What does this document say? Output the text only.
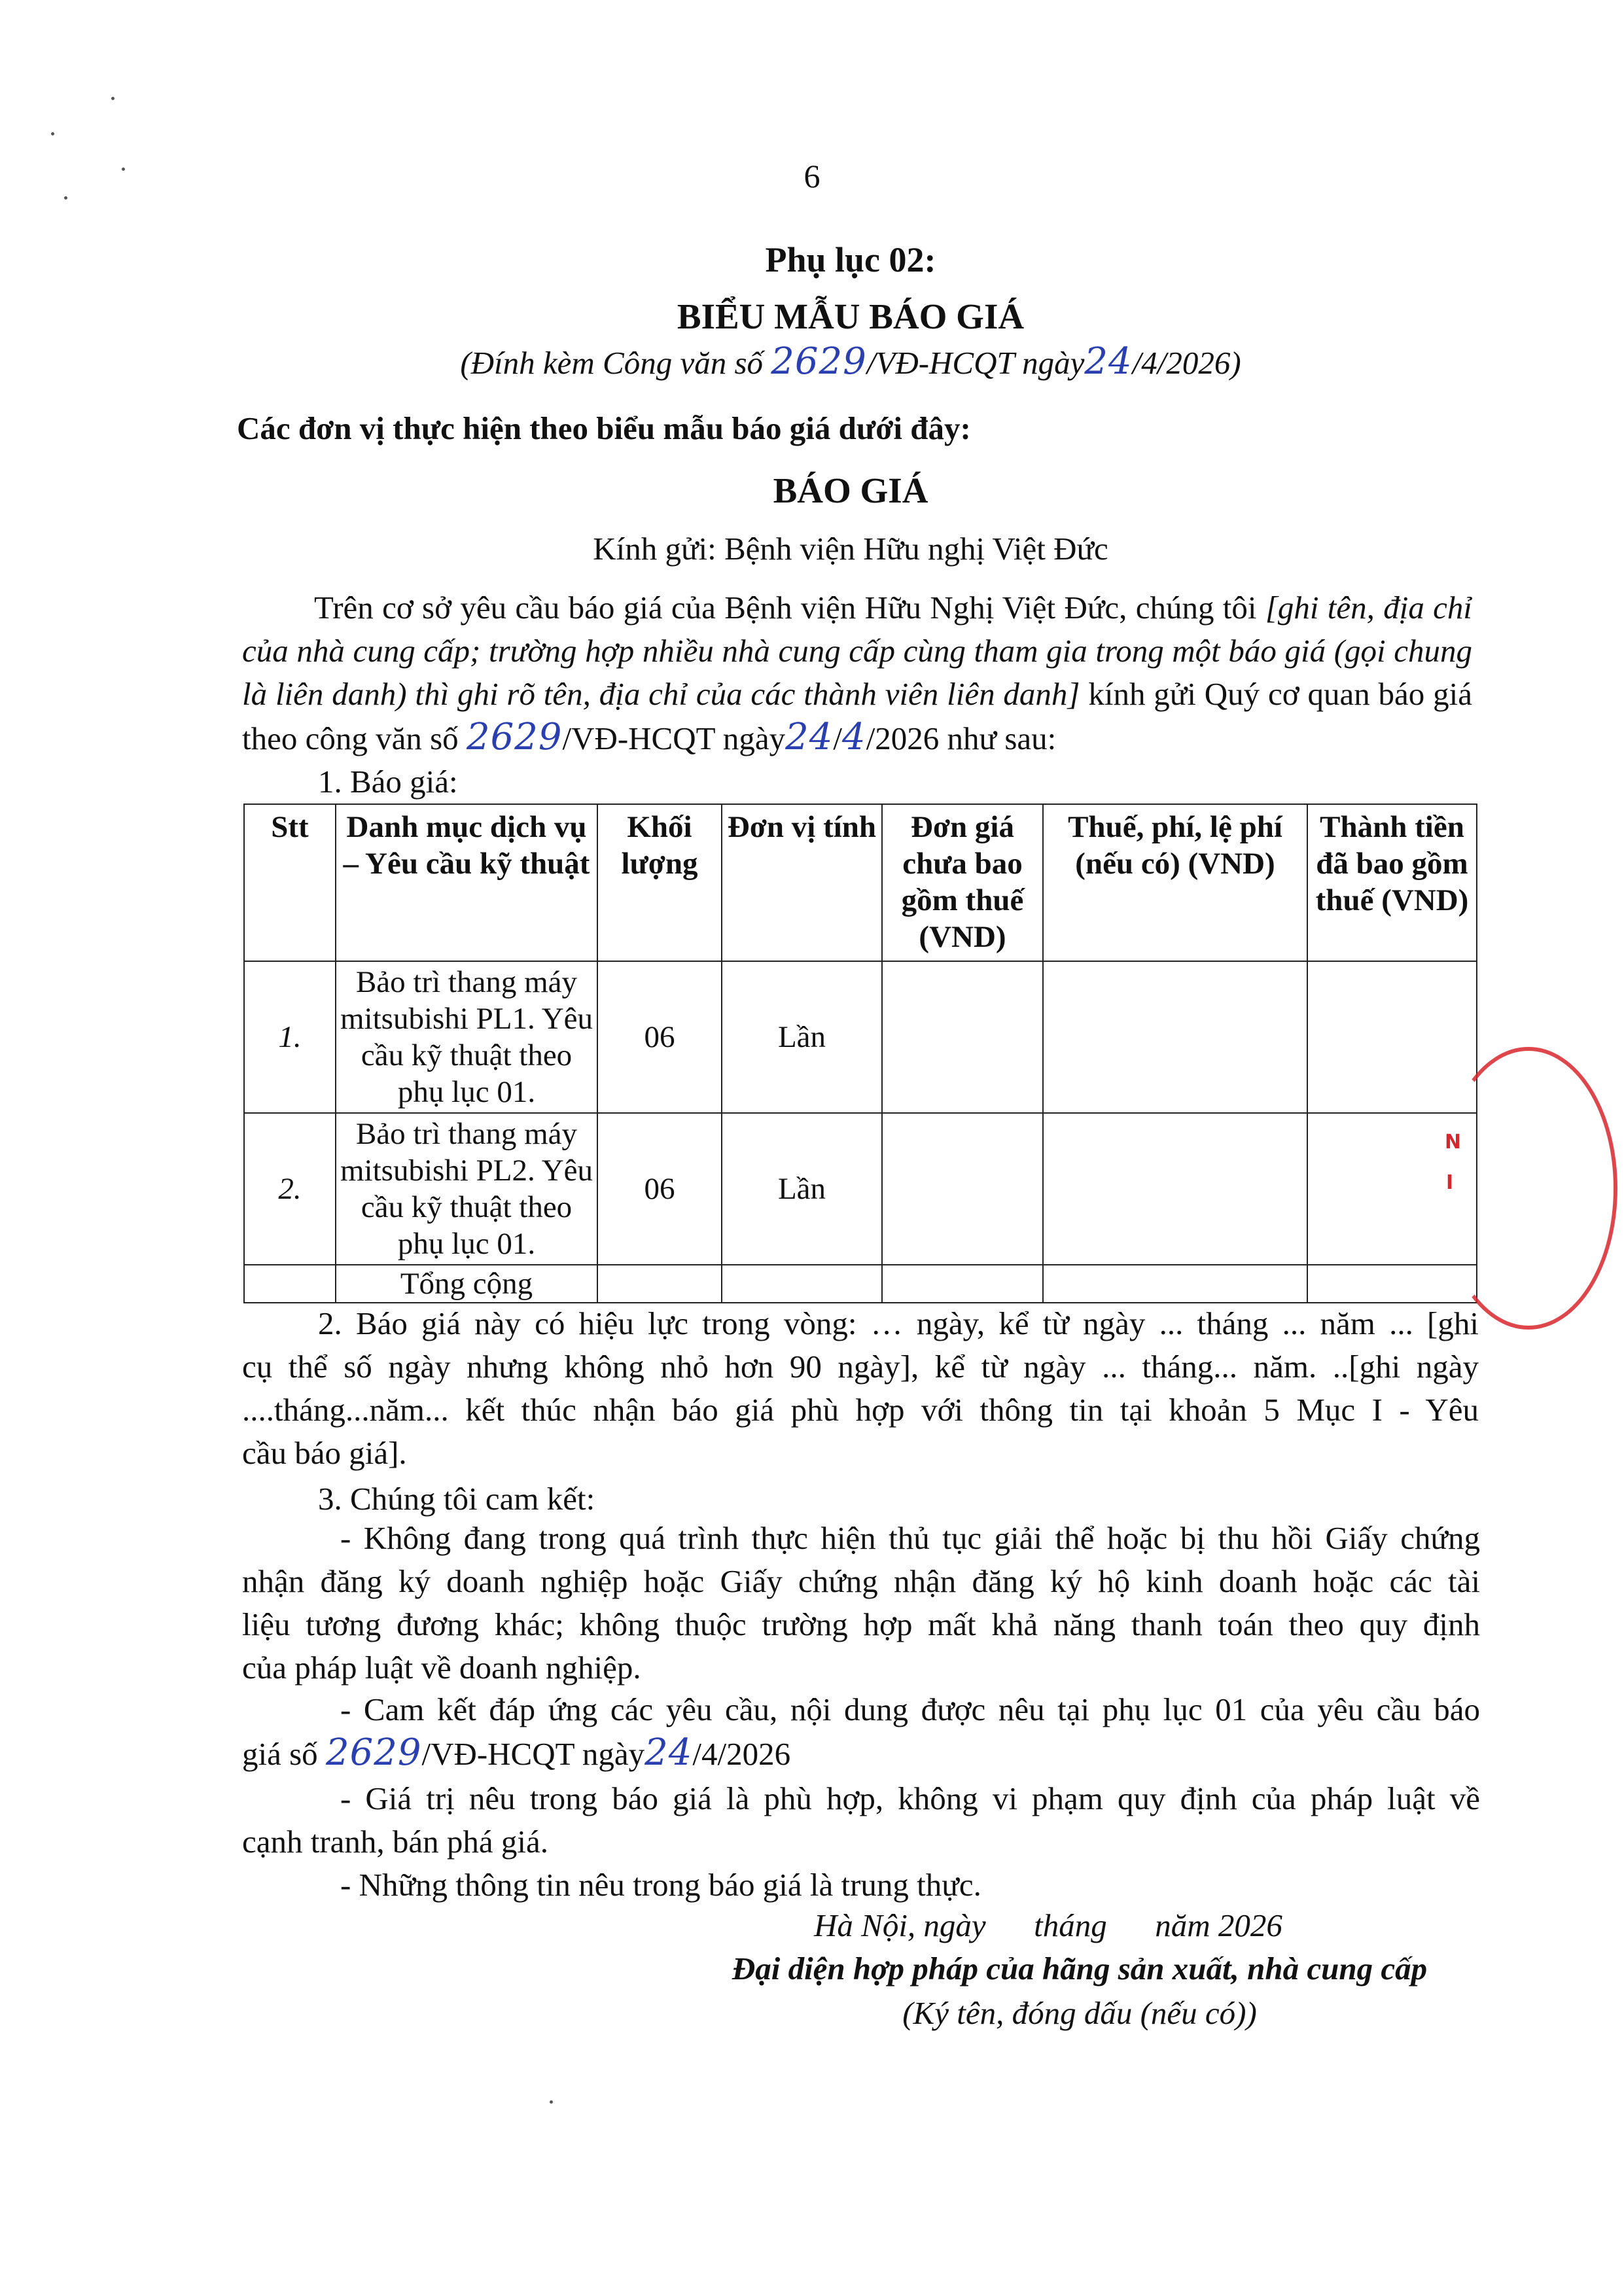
6
Phụ lục 02:
BIỂU MẪU BÁO GIÁ
(Đính kèm Công văn số 2629/VĐ-HCQT ngày24/4/2026)
Các đơn vị thực hiện theo biểu mẫu báo giá dưới đây:
BÁO GIÁ
Kính gửi: Bệnh viện Hữu nghị Việt Đức
Trên cơ sở yêu cầu báo giá của Bệnh viện Hữu Nghị Việt Đức, chúng tôi [ghi tên, địa chỉ
của nhà cung cấp; trường hợp nhiều nhà cung cấp cùng tham gia trong một báo giá (gọi chung
là liên danh) thì ghi rõ tên, địa chỉ của các thành viên liên danh] kính gửi Quý cơ quan báo giá
theo công văn số 2629/VĐ-HCQT ngày24/4/2026 như sau:
1. Báo giá:
Stt	Danh mục dịch vụ – Yêu cầu kỹ thuật	Khối lượng	Đơn vị tính	Đơn giá chưa bao gồm thuế (VND)	Thuế, phí, lệ phí (nếu có) (VND)	Thành tiền đã bao gồm thuế (VND)
1.	Bảo trì thang máy mitsubishi PL1. Yêu cầu kỹ thuật theo phụ lục 01.	06	Lần			
2.	Bảo trì thang máy mitsubishi PL2. Yêu cầu kỹ thuật theo phụ lục 01.	06	Lần			
	Tổng cộng					
N
I
2. Báo giá này có hiệu lực trong vòng: … ngày, kể từ ngày ... tháng ... năm ... [ghi
cụ thể số ngày nhưng không nhỏ hơn 90 ngày], kể từ ngày ... tháng... năm. ..[ghi ngày
....tháng...năm... kết thúc nhận báo giá phù hợp với thông tin tại khoản 5 Mục I - Yêu
cầu báo giá].
3. Chúng tôi cam kết:
- Không đang trong quá trình thực hiện thủ tục giải thể hoặc bị thu hồi Giấy chứng
nhận đăng ký doanh nghiệp hoặc Giấy chứng nhận đăng ký hộ kinh doanh hoặc các tài
liệu tương đương khác; không thuộc trường hợp mất khả năng thanh toán theo quy định
của pháp luật về doanh nghiệp.
- Cam kết đáp ứng các yêu cầu, nội dung được nêu tại phụ lục 01 của yêu cầu báo
giá số 2629/VĐ-HCQT ngày24/4/2026
- Giá trị nêu trong báo giá là phù hợp, không vi phạm quy định của pháp luật về
cạnh tranh, bán phá giá.
- Những thông tin nêu trong báo giá là trung thực.
Hà Nội, ngày      tháng      năm 2026
Đại diện hợp pháp của hãng sản xuất, nhà cung cấp
(Ký tên, đóng dấu (nếu có))
